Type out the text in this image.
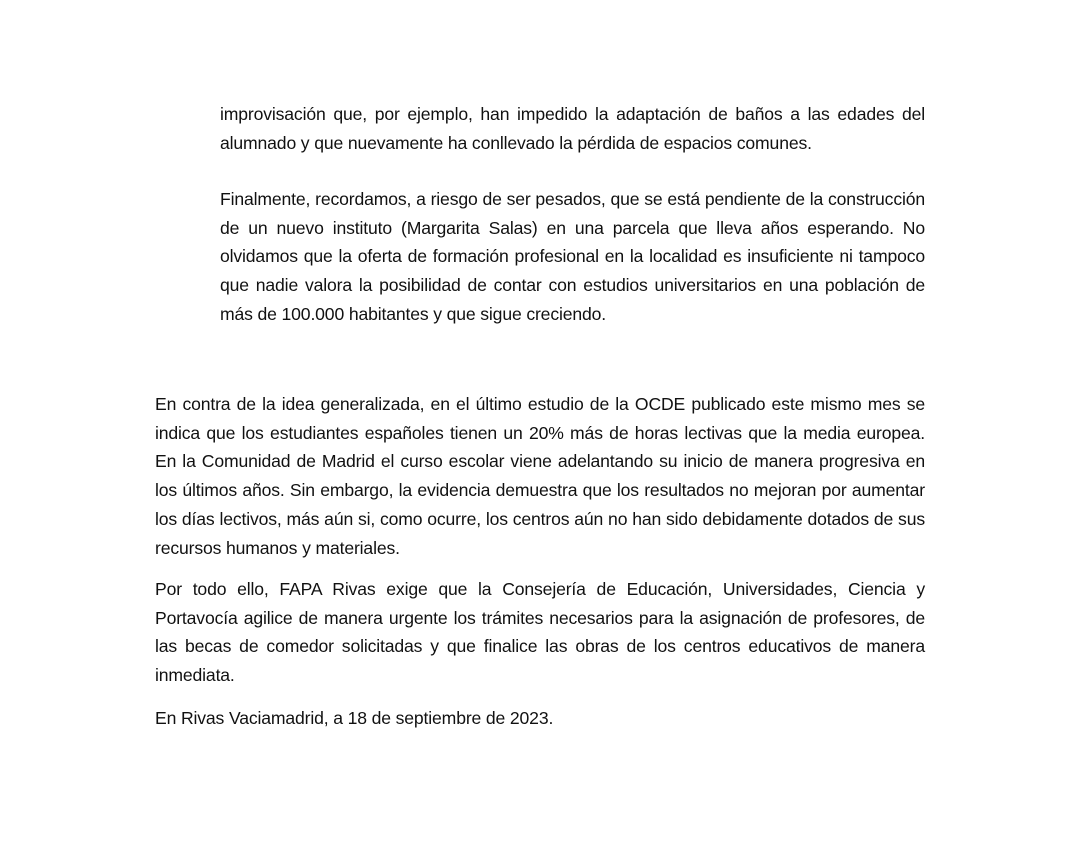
improvisación que, por ejemplo, han impedido la adaptación de baños a las edades del alumnado y que nuevamente ha conllevado la pérdida de espacios comunes.

Finalmente, recordamos, a riesgo de ser pesados, que se está pendiente de la construcción de un nuevo instituto (Margarita Salas) en una parcela que lleva años esperando. No olvidamos que la oferta de formación profesional en la localidad es insuficiente ni tampoco que nadie valora la posibilidad de contar con estudios universitarios en una población de más de 100.000 habitantes y que sigue creciendo.

En contra de la idea generalizada, en el último estudio de la OCDE publicado este mismo mes se indica que los estudiantes españoles tienen un 20% más de horas lectivas que la media europea. En la Comunidad de Madrid el curso escolar viene adelantando su inicio de manera progresiva en los últimos años. Sin embargo, la evidencia demuestra que los resultados no mejoran por aumentar los días lectivos, más aún si, como ocurre, los centros aún no han sido debidamente dotados de sus recursos humanos y materiales.

Por todo ello, FAPA Rivas exige que la Consejería de Educación, Universidades, Ciencia y Portavocía agilice de manera urgente los trámites necesarios para la asignación de profesores, de las becas de comedor solicitadas y que finalice las obras de los centros educativos de manera inmediata.

En Rivas Vaciamadrid, a 18 de septiembre de 2023.
